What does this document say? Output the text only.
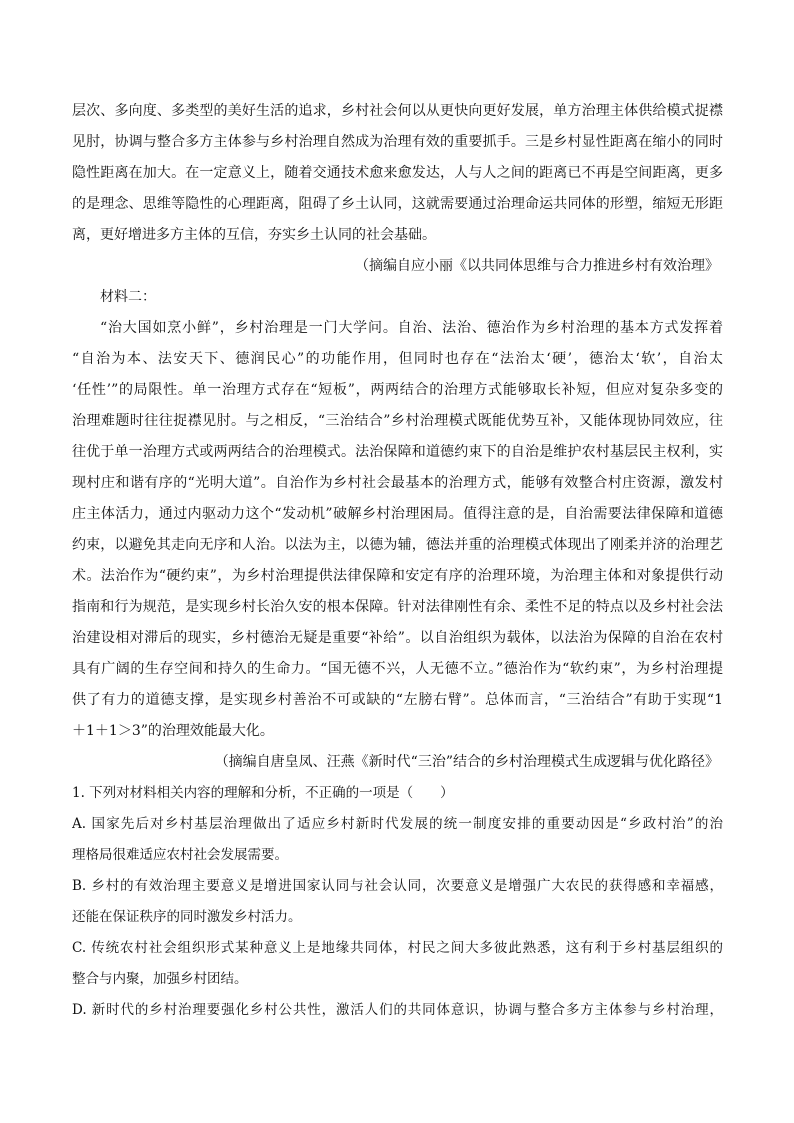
层次、多向度、多类型的美好生活的追求，乡村社会何以从更快向更好发展，单方治理主体供给模式捉襟
见肘，协调与整合多方主体参与乡村治理自然成为治理有效的重要抓手。三是乡村显性距离在缩小的同时
隐性距离在加大。在一定意义上，随着交通技术愈来愈发达，人与人之间的距离已不再是空间距离，更多
的是理念、思维等隐性的心理距离，阻碍了乡土认同，这就需要通过治理命运共同体的形塑，缩短无形距
离，更好增进多方主体的互信，夯实乡土认同的社会基础。
（摘编自应小丽《以共同体思维与合力推进乡村有效治理》
材料二：
“治大国如烹小鲜”，乡村治理是一门大学问。自治、法治、德治作为乡村治理的基本方式发挥着
“自治为本、法安天下、德润民心”的功能作用，但同时也存在“法治太‘硬’，德治太‘软’，自治太
‘任性’”的局限性。单一治理方式存在“短板”，两两结合的治理方式能够取长补短，但应对复杂多变的
治理难题时往往捉襟见肘。与之相反，“三治结合”乡村治理模式既能优势互补，又能体现协同效应，往
往优于单一治理方式或两两结合的治理模式。法治保障和道德约束下的自治是维护农村基层民主权利，实
现村庄和谐有序的“光明大道”。自治作为乡村社会最基本的治理方式，能够有效整合村庄资源，激发村
庄主体活力，通过内驱动力这个“发动机”破解乡村治理困局。值得注意的是，自治需要法律保障和道德
约束，以避免其走向无序和人治。以法为主，以德为辅，德法并重的治理模式体现出了刚柔并济的治理艺
术。法治作为“硬约束”，为乡村治理提供法律保障和安定有序的治理环境，为治理主体和对象提供行动
指南和行为规范，是实现乡村长治久安的根本保障。针对法律刚性有余、柔性不足的特点以及乡村社会法
治建设相对滞后的现实，乡村德治无疑是重要“补给”。以自治组织为载体，以法治为保障的自治在农村
具有广阔的生存空间和持久的生命力。“国无德不兴，人无德不立。”德治作为“软约束”，为乡村治理提
供了有力的道德支撑，是实现乡村善治不可或缺的“左膀右臂”。总体而言，“三治结合”有助于实现“1
＋1＋1＞3”的治理效能最大化。
（摘编自唐皇凤、汪燕《新时代“三治”结合的乡村治理模式生成逻辑与优化路径》
1. 下列对材料相关内容的理解和分析，不正确的一项是（　　）
A. 国家先后对乡村基层治理做出了适应乡村新时代发展的统一制度安排的重要动因是“乡政村治”的治
理格局很难适应农村社会发展需要。
B. 乡村的有效治理主要意义是增进国家认同与社会认同，次要意义是增强广大农民的获得感和幸福感，
还能在保证秩序的同时激发乡村活力。
C. 传统农村社会组织形式某种意义上是地缘共同体，村民之间大多彼此熟悉，这有利于乡村基层组织的
整合与内聚，加强乡村团结。
D. 新时代的乡村治理要强化乡村公共性，激活人们的共同体意识，协调与整合多方主体参与乡村治理，
